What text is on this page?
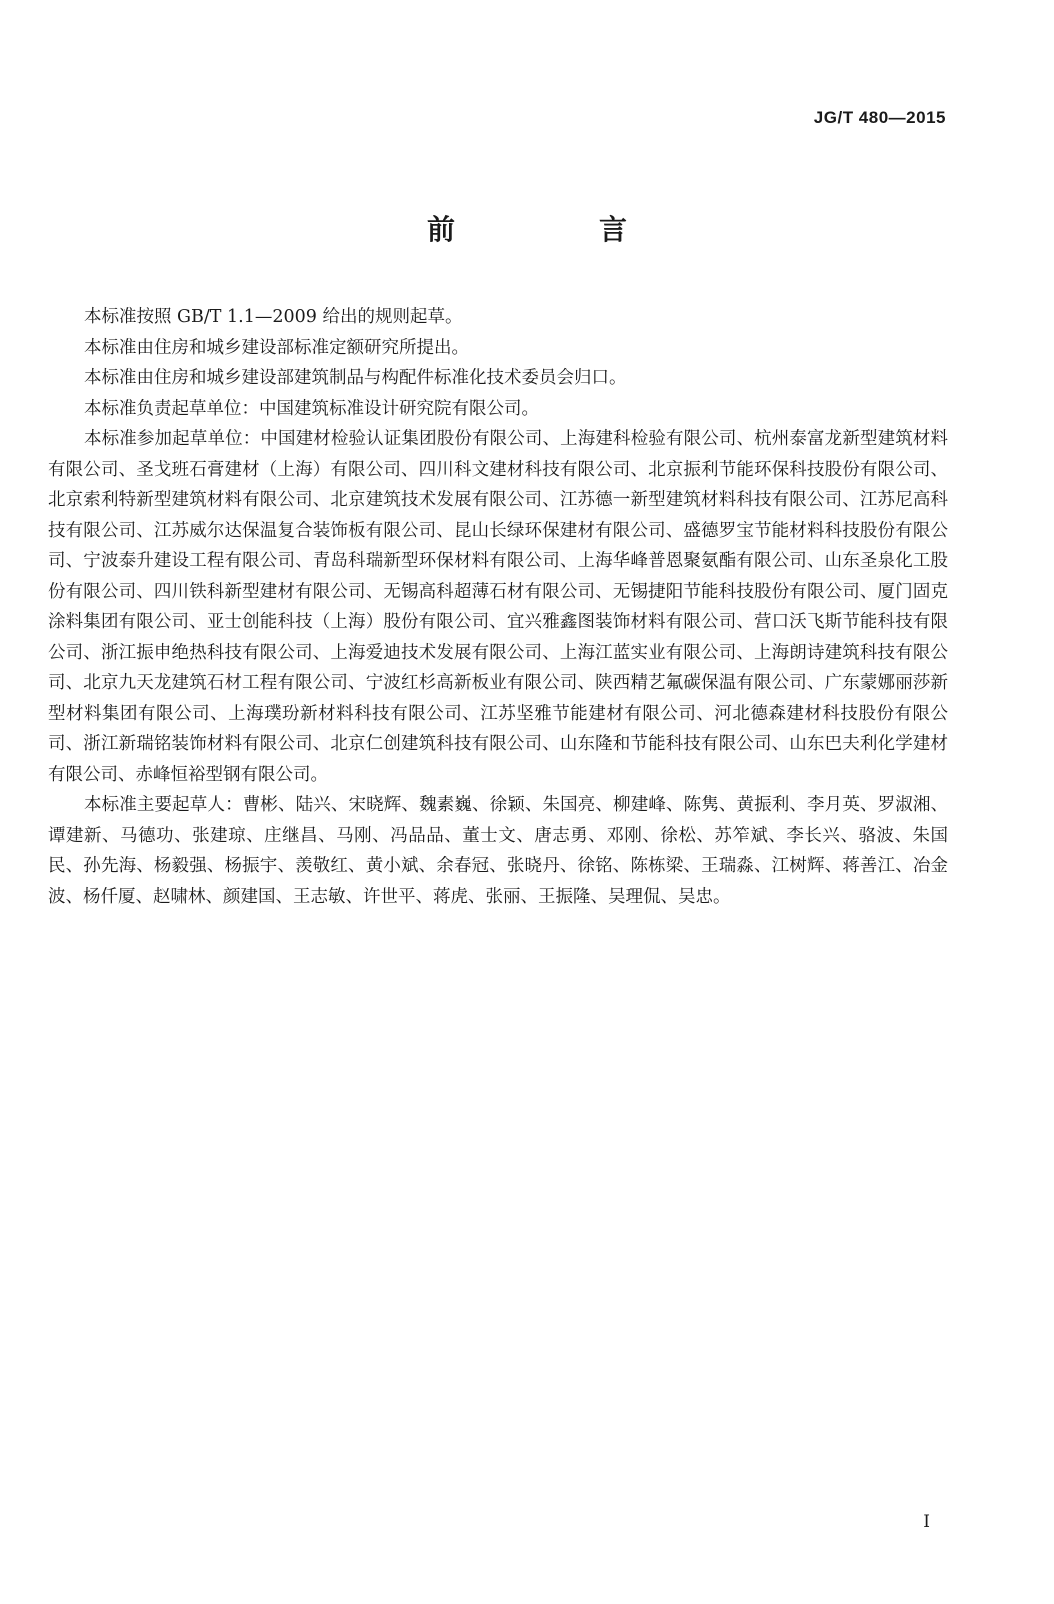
JG/T 480—2015
前　言

本标准按照 GB/T 1.1—2009 给出的规则起草。

本标准由住房和城乡建设部标准定额研究所提出。

本标准由住房和城乡建设部建筑制品与构配件标准化技术委员会归口。

本标准负责起草单位：中国建筑标准设计研究院有限公司。

本标准参加起草单位：中国建材检验认证集团股份有限公司、上海建科检验有限公司、杭州泰富龙新型建筑材料有限公司、圣戈班石膏建材（上海）有限公司、四川科文建材科技有限公司、北京振利节能环保科技股份有限公司、北京索利特新型建筑材料有限公司、北京建筑技术发展有限公司、江苏德一新型建筑材料科技有限公司、江苏尼高科技有限公司、江苏威尔达保温复合装饰板有限公司、昆山长绿环保建材有限公司、盛德罗宝节能材料科技股份有限公司、宁波泰升建设工程有限公司、青岛科瑞新型环保材料有限公司、上海华峰普恩聚氨酯有限公司、山东圣泉化工股份有限公司、四川铁科新型建材有限公司、无锡高科超薄石材有限公司、无锡捷阳节能科技股份有限公司、厦门固克涂料集团有限公司、亚士创能科技（上海）股份有限公司、宜兴雅鑫图装饰材料有限公司、营口沃飞斯节能科技有限公司、浙江振申绝热科技有限公司、上海爱迪技术发展有限公司、上海江蓝实业有限公司、上海朗诗建筑科技有限公司、北京九天龙建筑石材工程有限公司、宁波红杉高新板业有限公司、陕西精艺氟碳保温有限公司、广东蒙娜丽莎新型材料集团有限公司、上海璞玢新材料科技有限公司、江苏坚雅节能建材有限公司、河北德森建材科技股份有限公司、浙江新瑞铭装饰材料有限公司、北京仁创建筑科技有限公司、山东隆和节能科技有限公司、山东巴夫利化学建材有限公司、赤峰恒裕型钢有限公司。

本标准主要起草人：曹彬、陆兴、宋晓辉、魏素巍、徐颖、朱国亮、柳建峰、陈隽、黄振利、李月英、罗淑湘、谭建新、马德功、张建琼、庄继昌、马刚、冯品品、董士文、唐志勇、邓刚、徐松、苏笮斌、李长兴、骆波、朱国民、孙先海、杨毅强、杨振宇、羡敬红、黄小斌、余春冠、张晓丹、徐铭、陈栋梁、王瑞淼、江树辉、蒋善江、冶金波、杨仟厦、赵啸林、颜建国、王志敏、许世平、蒋虎、张丽、王振隆、吴理侃、吴忠。

I
